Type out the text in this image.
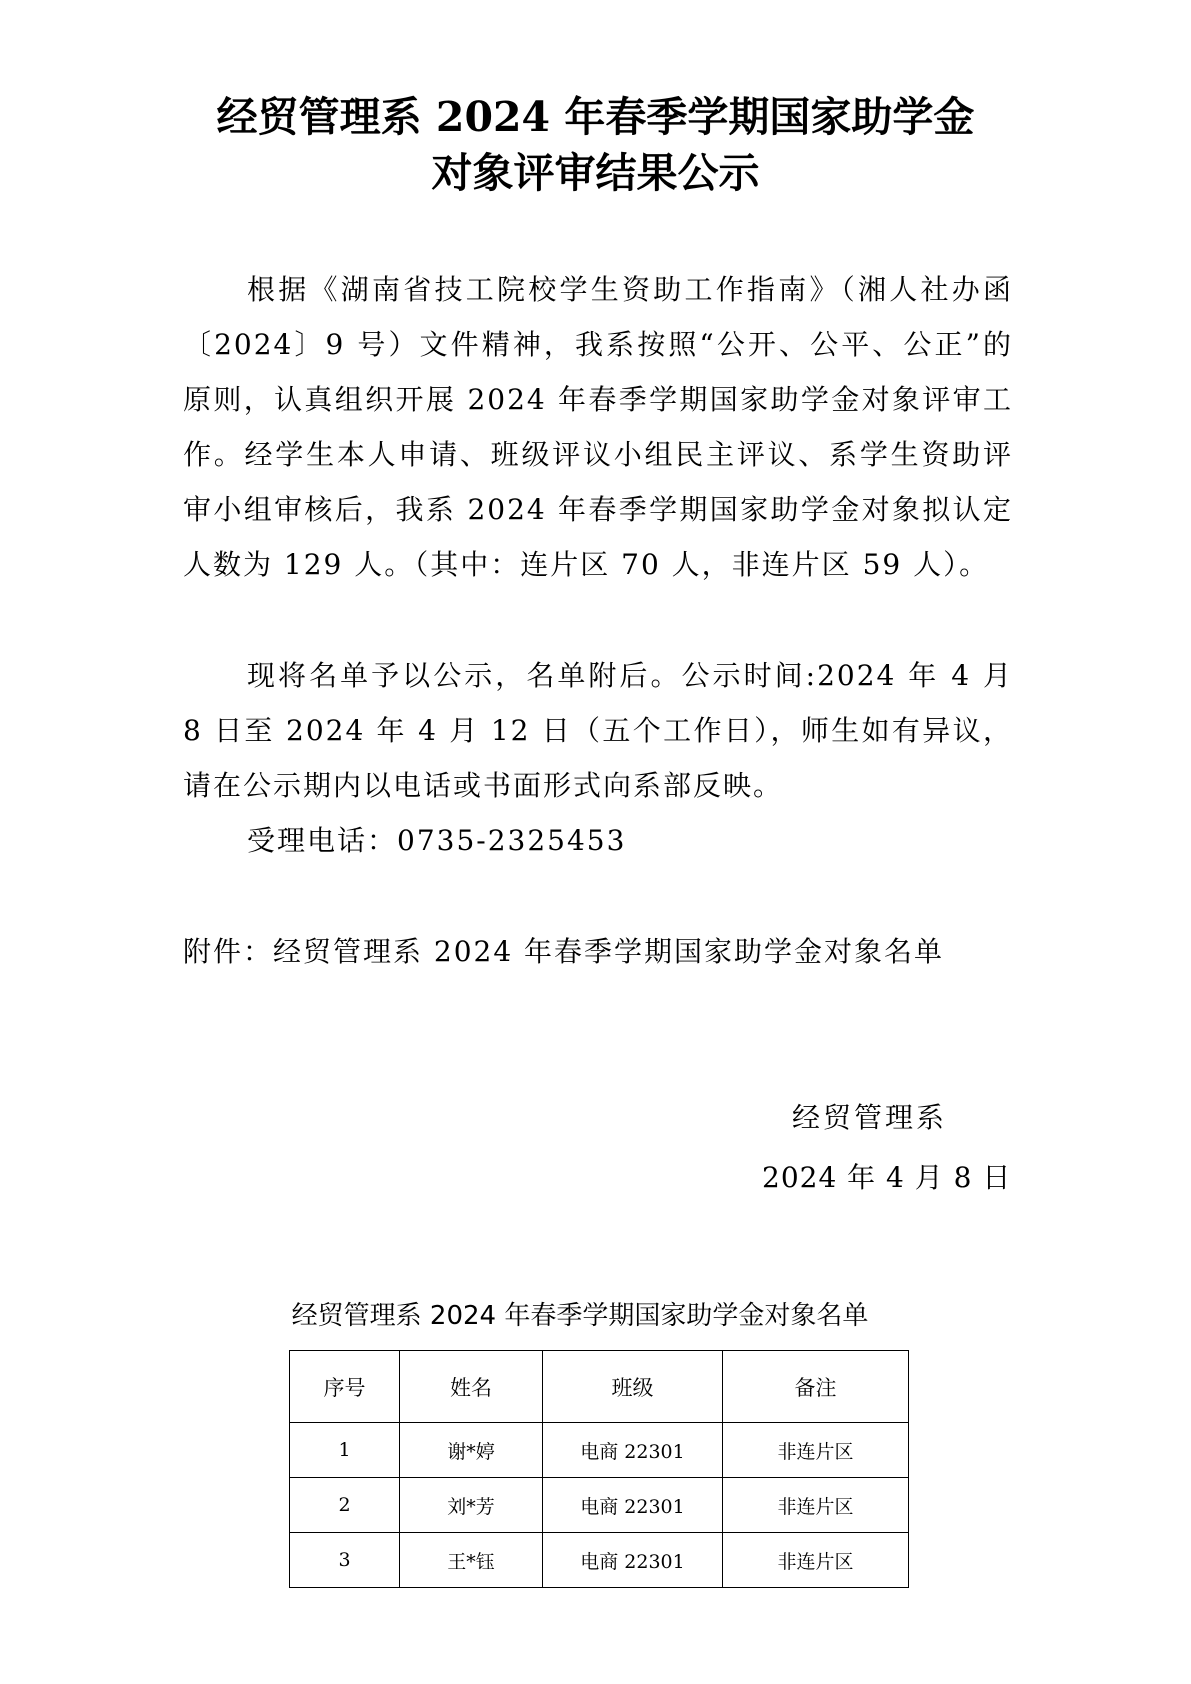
经贸管理系 2024 年春季学期国家助学金
对象评审结果公示

根据《湖南省技工院校学生资助工作指南》（湘人社办函〔2024〕9 号）文件精神，我系按照“公开、公平、公正”的原则，认真组织开展 2024 年春季学期国家助学金对象评审工作。经学生本人申请、班级评议小组民主评议、系学生资助评审小组审核后，我系 2024 年春季学期国家助学金对象拟认定人数为 129 人。（其中：连片区 70 人，非连片区 59 人）。

现将名单予以公示，名单附后。公示时间:2024 年 4 月 8 日至 2024 年 4 月 12 日（五个工作日），师生如有异议，请在公示期内以电话或书面形式向系部反映。

受理电话：0735-2325453

附件：经贸管理系 2024 年春季学期国家助学金对象名单

经贸管理系

2024 年 4 月 8 日

经贸管理系 2024 年春季学期国家助学金对象名单

序号	姓名	班级	备注
1	谢*婷	电商 22301	非连片区
2	刘*芳	电商 22301	非连片区
3	王*钰	电商 22301	非连片区
